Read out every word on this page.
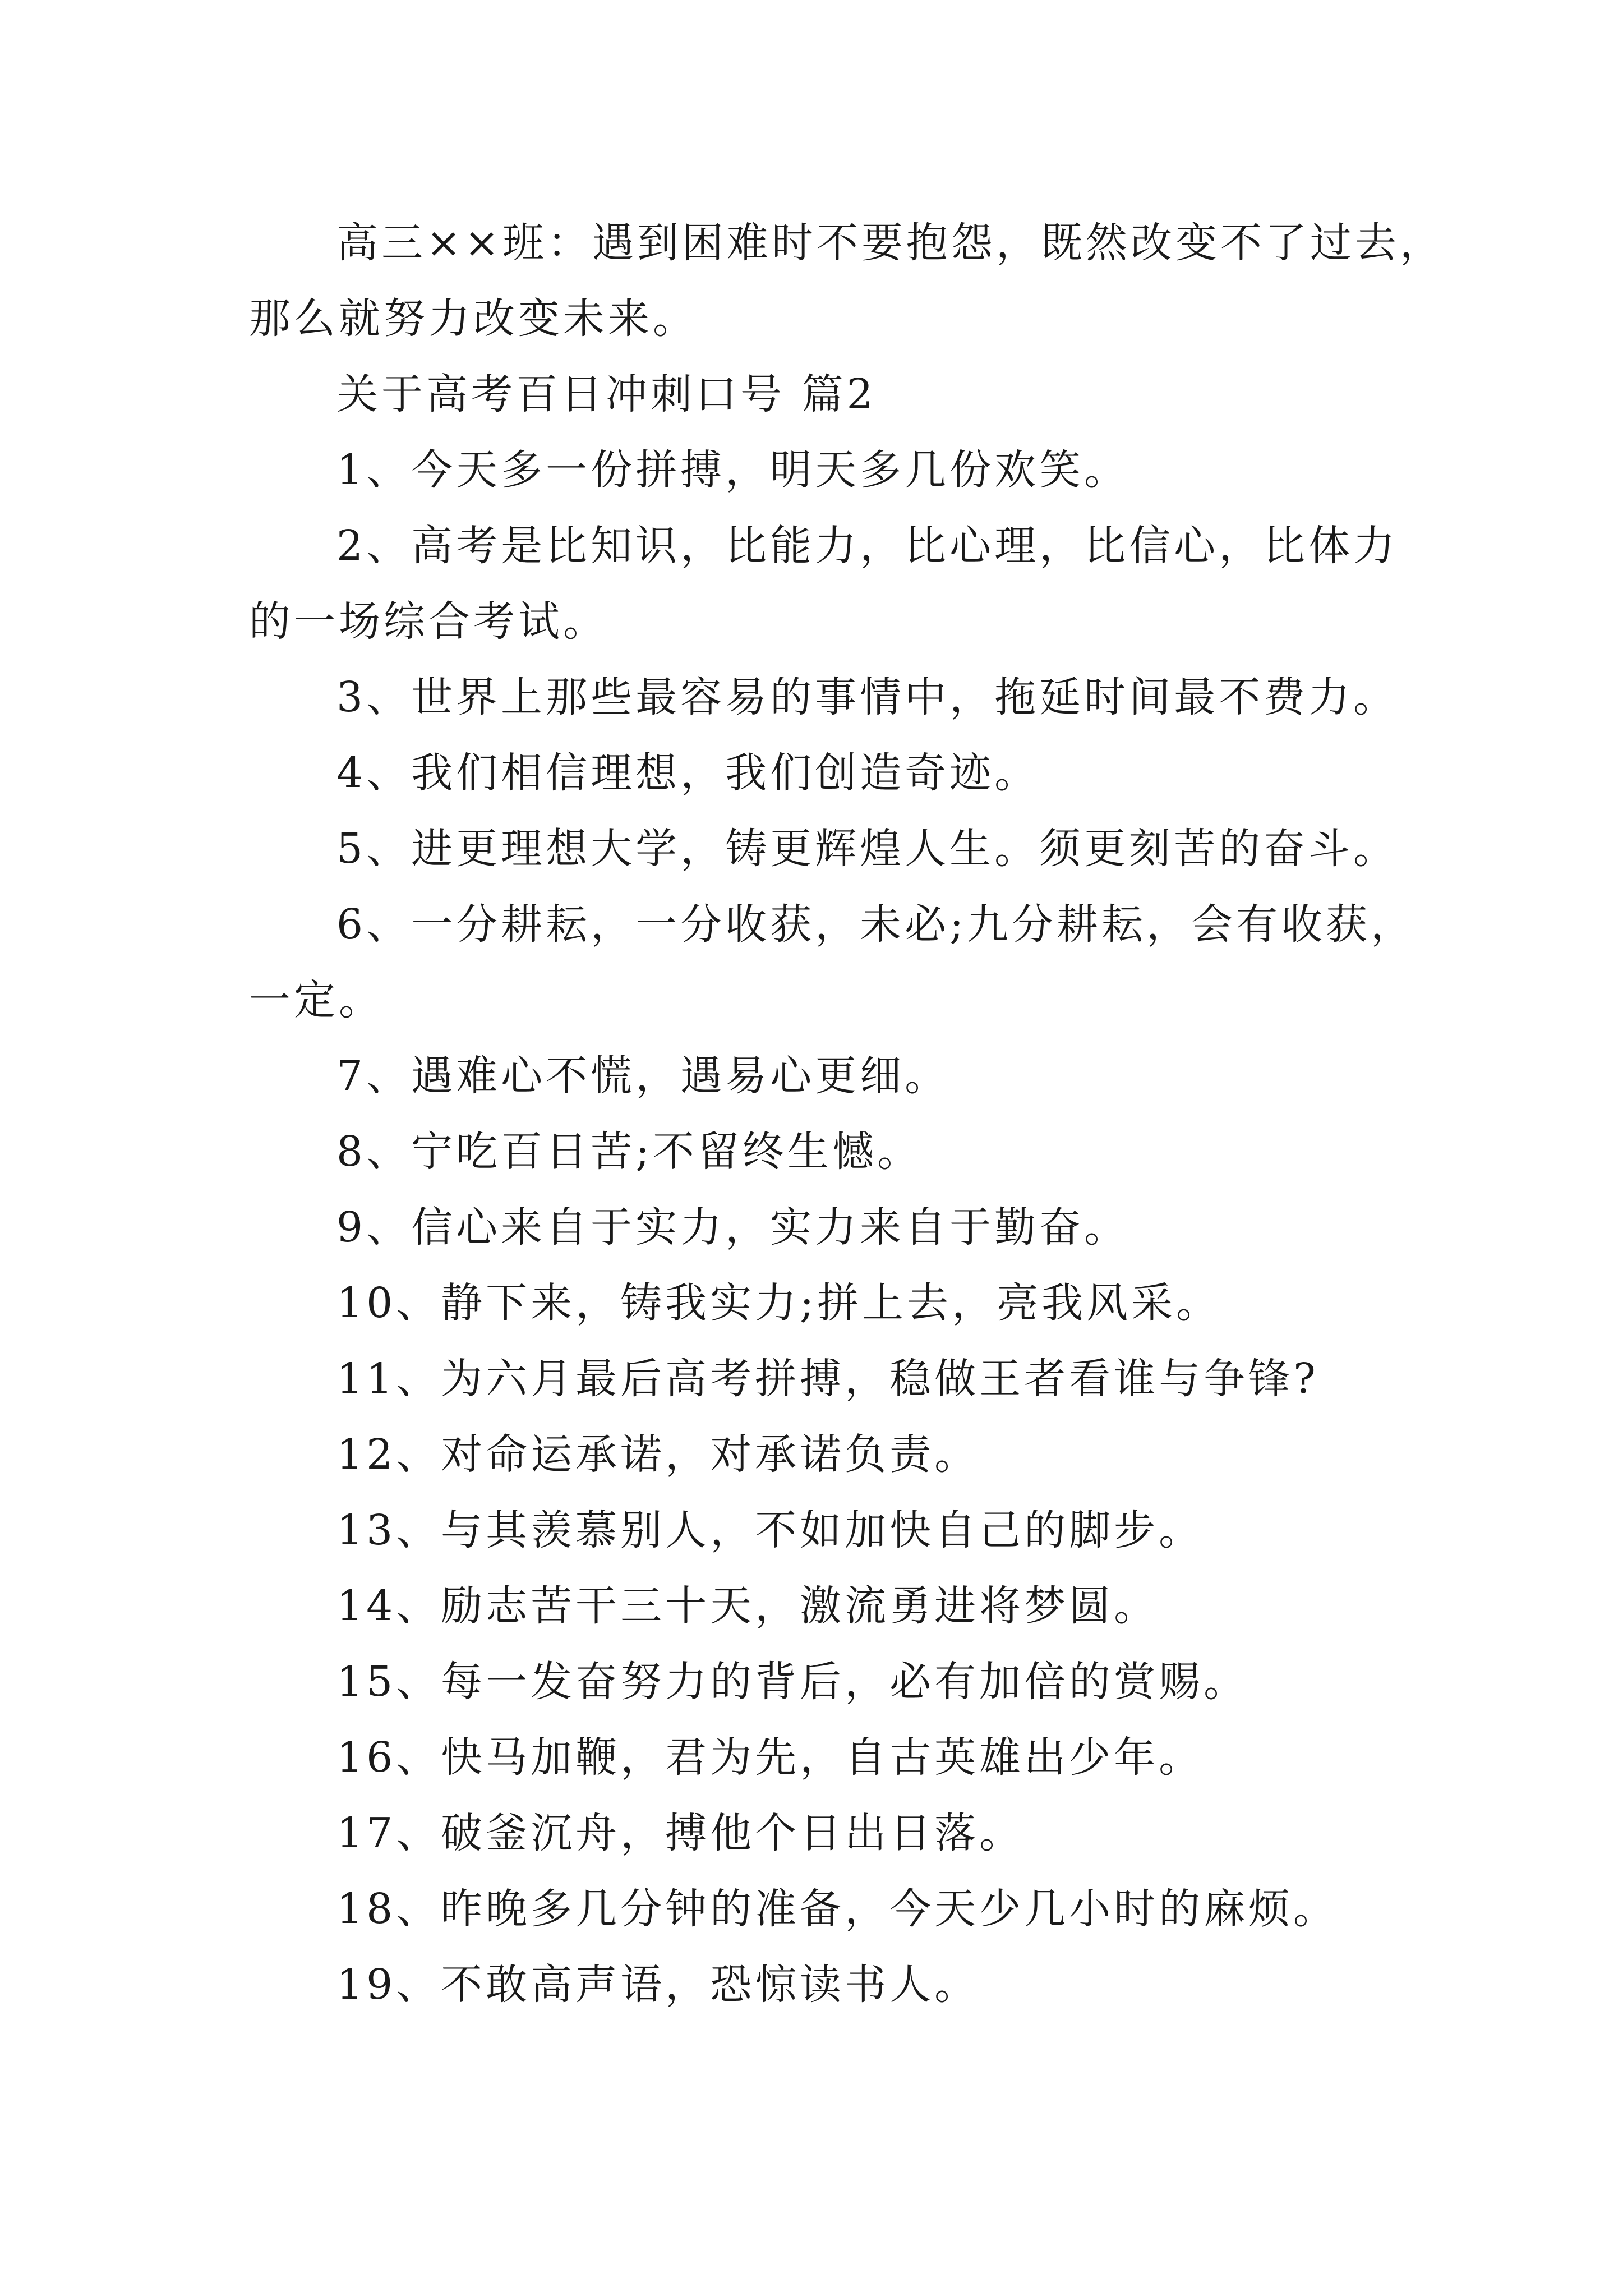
高三××班：遇到困难时不要抱怨，既然改变不了过去，

那么就努力改变未来。

关于高考百日冲刺口号 篇2

1、今天多一份拼搏，明天多几份欢笑。

2、高考是比知识，比能力，比心理，比信心，比体力

的一场综合考试。

3、世界上那些最容易的事情中，拖延时间最不费力。

4、我们相信理想，我们创造奇迹。

5、进更理想大学，铸更辉煌人生。须更刻苦的奋斗。

6、一分耕耘，一分收获，未必;九分耕耘，会有收获，

一定。

7、遇难心不慌，遇易心更细。

8、宁吃百日苦;不留终生憾。

9、信心来自于实力，实力来自于勤奋。

10、静下来，铸我实力;拼上去，亮我风采。

11、为六月最后高考拼搏，稳做王者看谁与争锋?

12、对命运承诺，对承诺负责。

13、与其羡慕别人，不如加快自己的脚步。

14、励志苦干三十天，激流勇进将梦圆。

15、每一发奋努力的背后，必有加倍的赏赐。

16、快马加鞭，君为先，自古英雄出少年。

17、破釜沉舟，搏他个日出日落。

18、昨晚多几分钟的准备，今天少几小时的麻烦。

19、不敢高声语，恐惊读书人。
